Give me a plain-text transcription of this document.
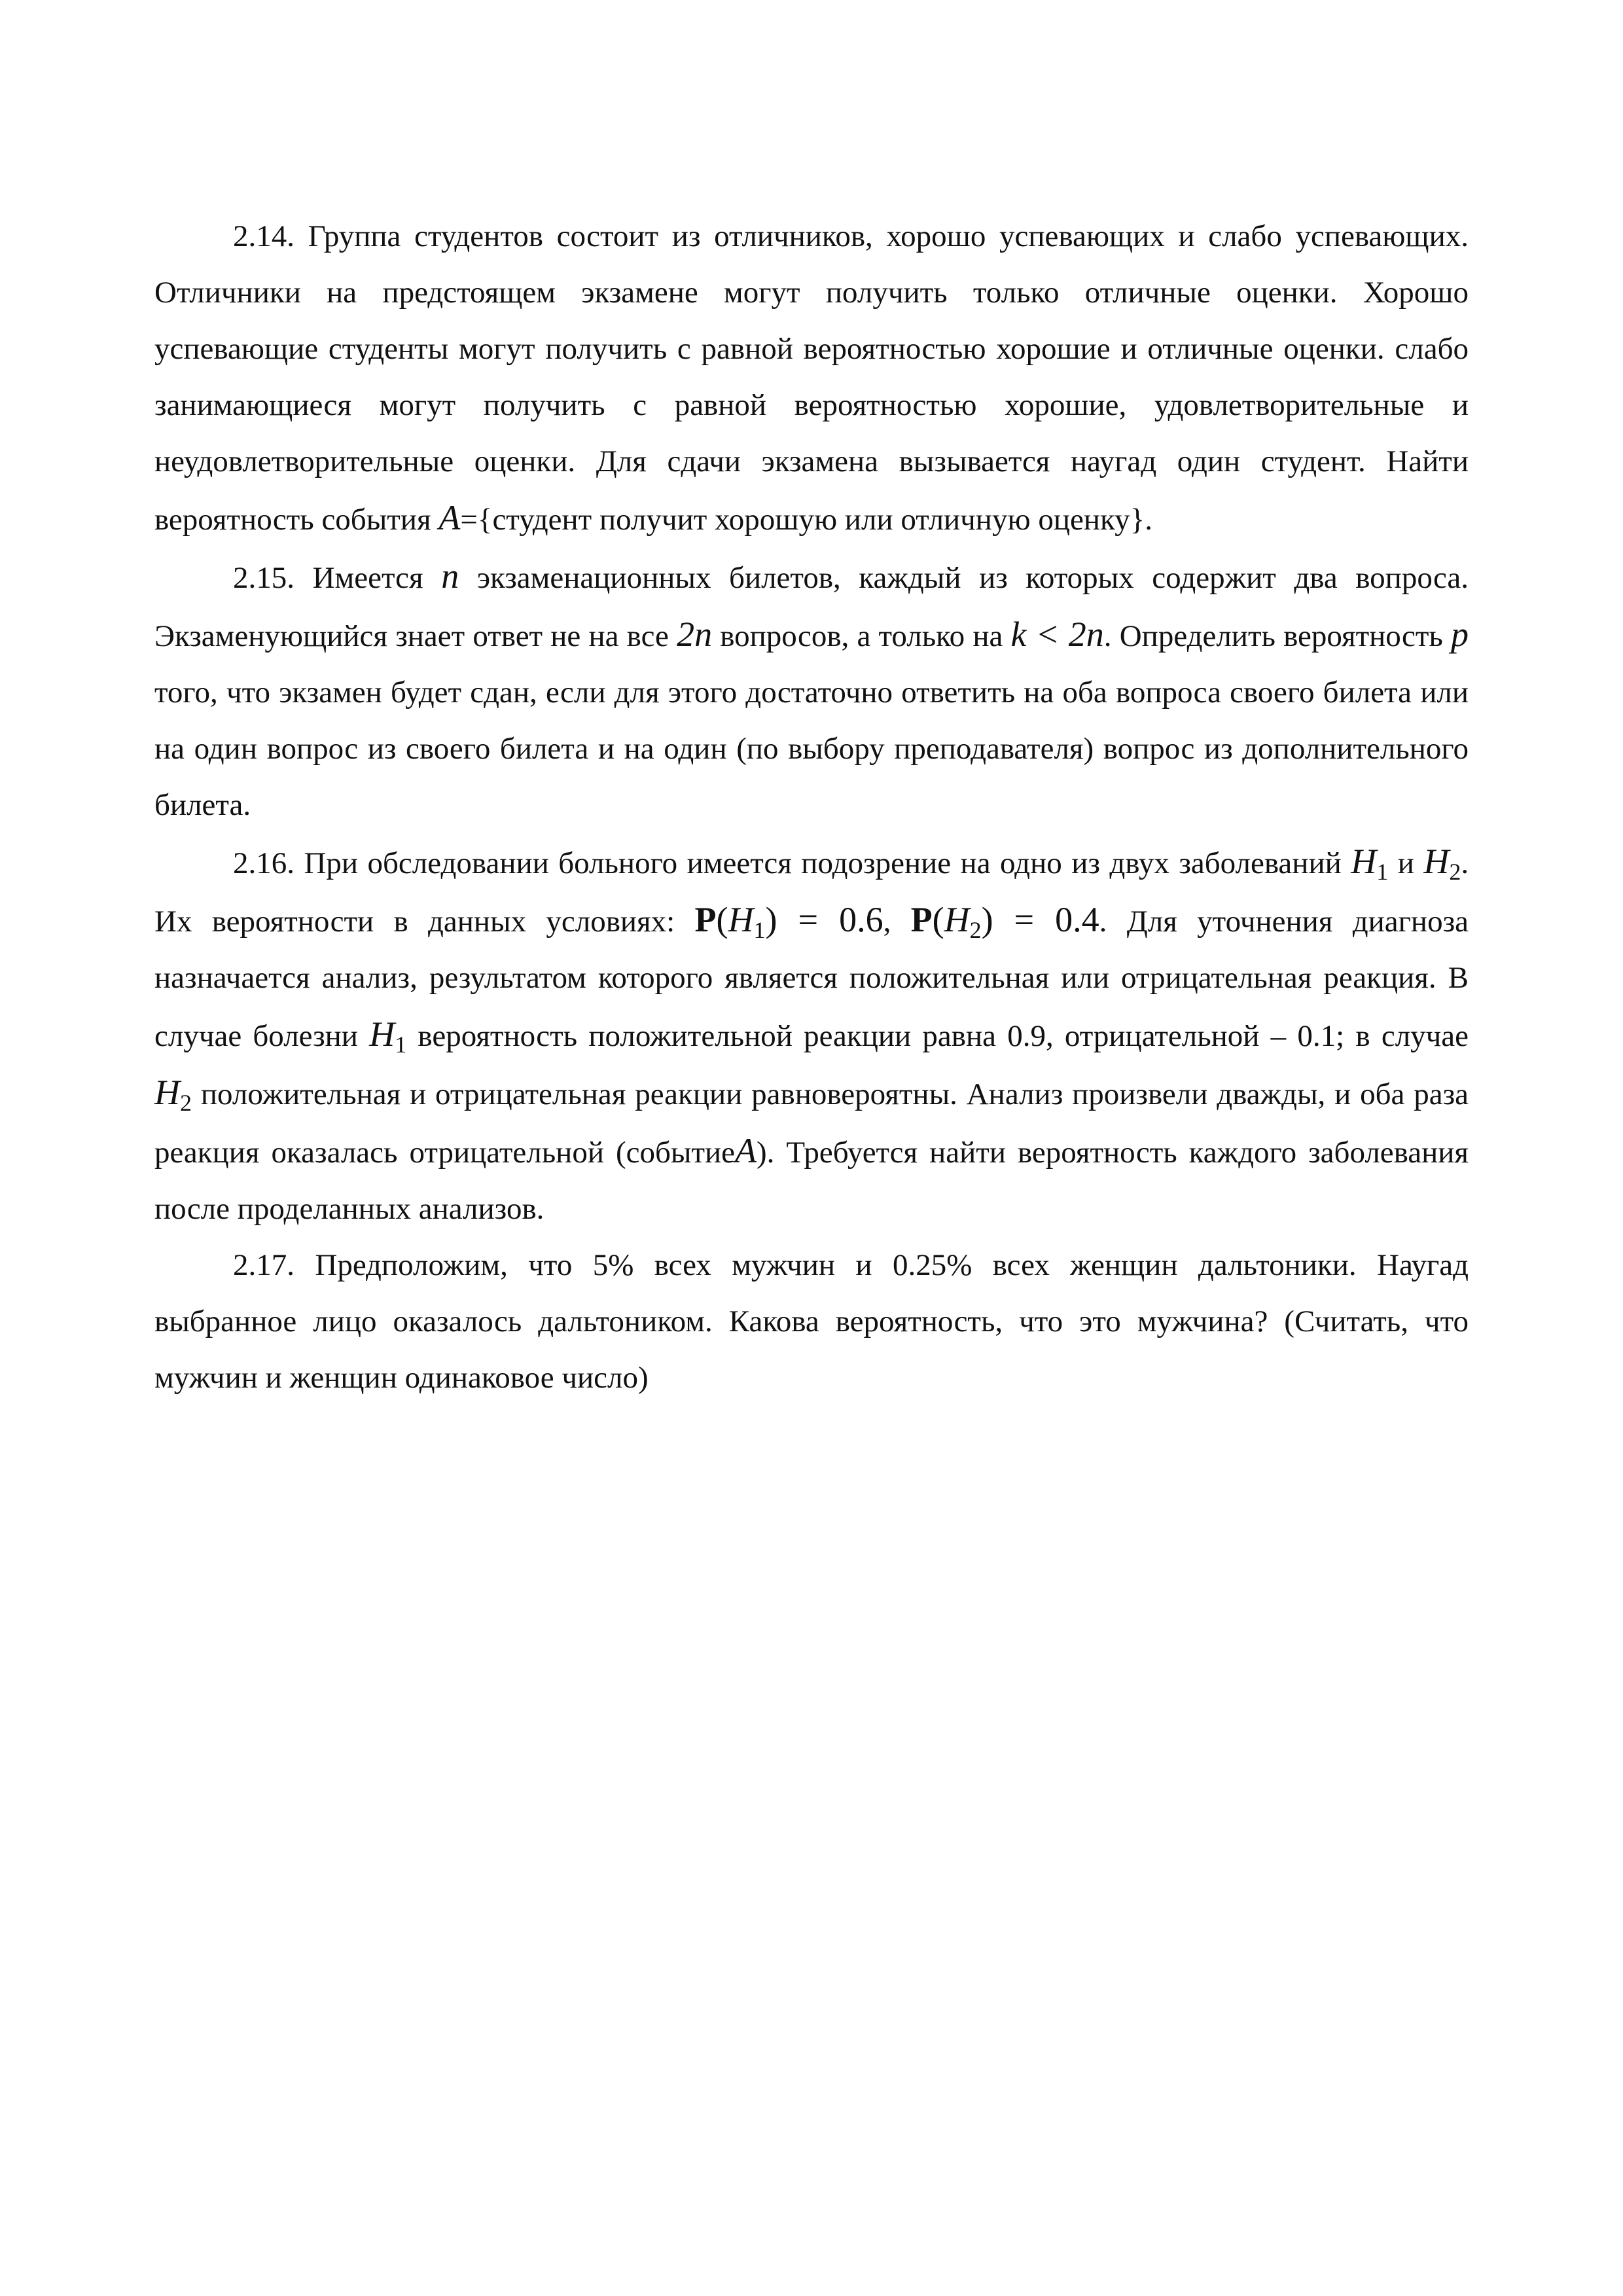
2.14. Группа студентов состоит из отличников, хорошо успевающих и слабо успевающих. Отличники на предстоящем экзамене могут получить только отличные оценки. Хорошо успевающие студенты могут получить с равной вероятностью хорошие и отличные оценки. слабо занимающиеся могут получить с равной вероятностью хорошие, удовлетворительные и неудовлетворительные оценки. Для сдачи экзамена вызывается наугад один студент. Найти вероятность события A={студент получит хорошую или отличную оценку}.

2.15. Имеется n экзаменационных билетов, каждый из которых содержит два вопроса. Экзаменующийся знает ответ не на все 2n вопросов, а только на k < 2n. Определить вероятность p того, что экзамен будет сдан, если для этого достаточно ответить на оба вопроса своего билета или на один вопрос из своего билета и на один (по выбору преподавателя) вопрос из дополнительного билета.

2.16. При обследовании больного имеется подозрение на одно из двух заболеваний $H_1$ и $H_2$. Их вероятности в данных условиях: $P(H_1) = 0.6$, $P(H_2) = 0.4$. Для уточнения диагноза назначается анализ, результатом которого является положительная или отрицательная реакция. В случае болезни $H_1$ вероятность положительной реакции равна 0.9, отрицательной – 0.1; в случае $H_2$ положительная и отрицательная реакции равновероятны. Анализ произвели дважды, и оба раза реакция оказалась отрицательной (событиеA). Требуется найти вероятность каждого заболевания после проделанных анализов.

2.17. Предположим, что 5% всех мужчин и 0.25% всех женщин дальтоники. Наугад выбранное лицо оказалось дальтоником. Какова вероятность, что это мужчина? (Считать, что мужчин и женщин одинаковое число)
